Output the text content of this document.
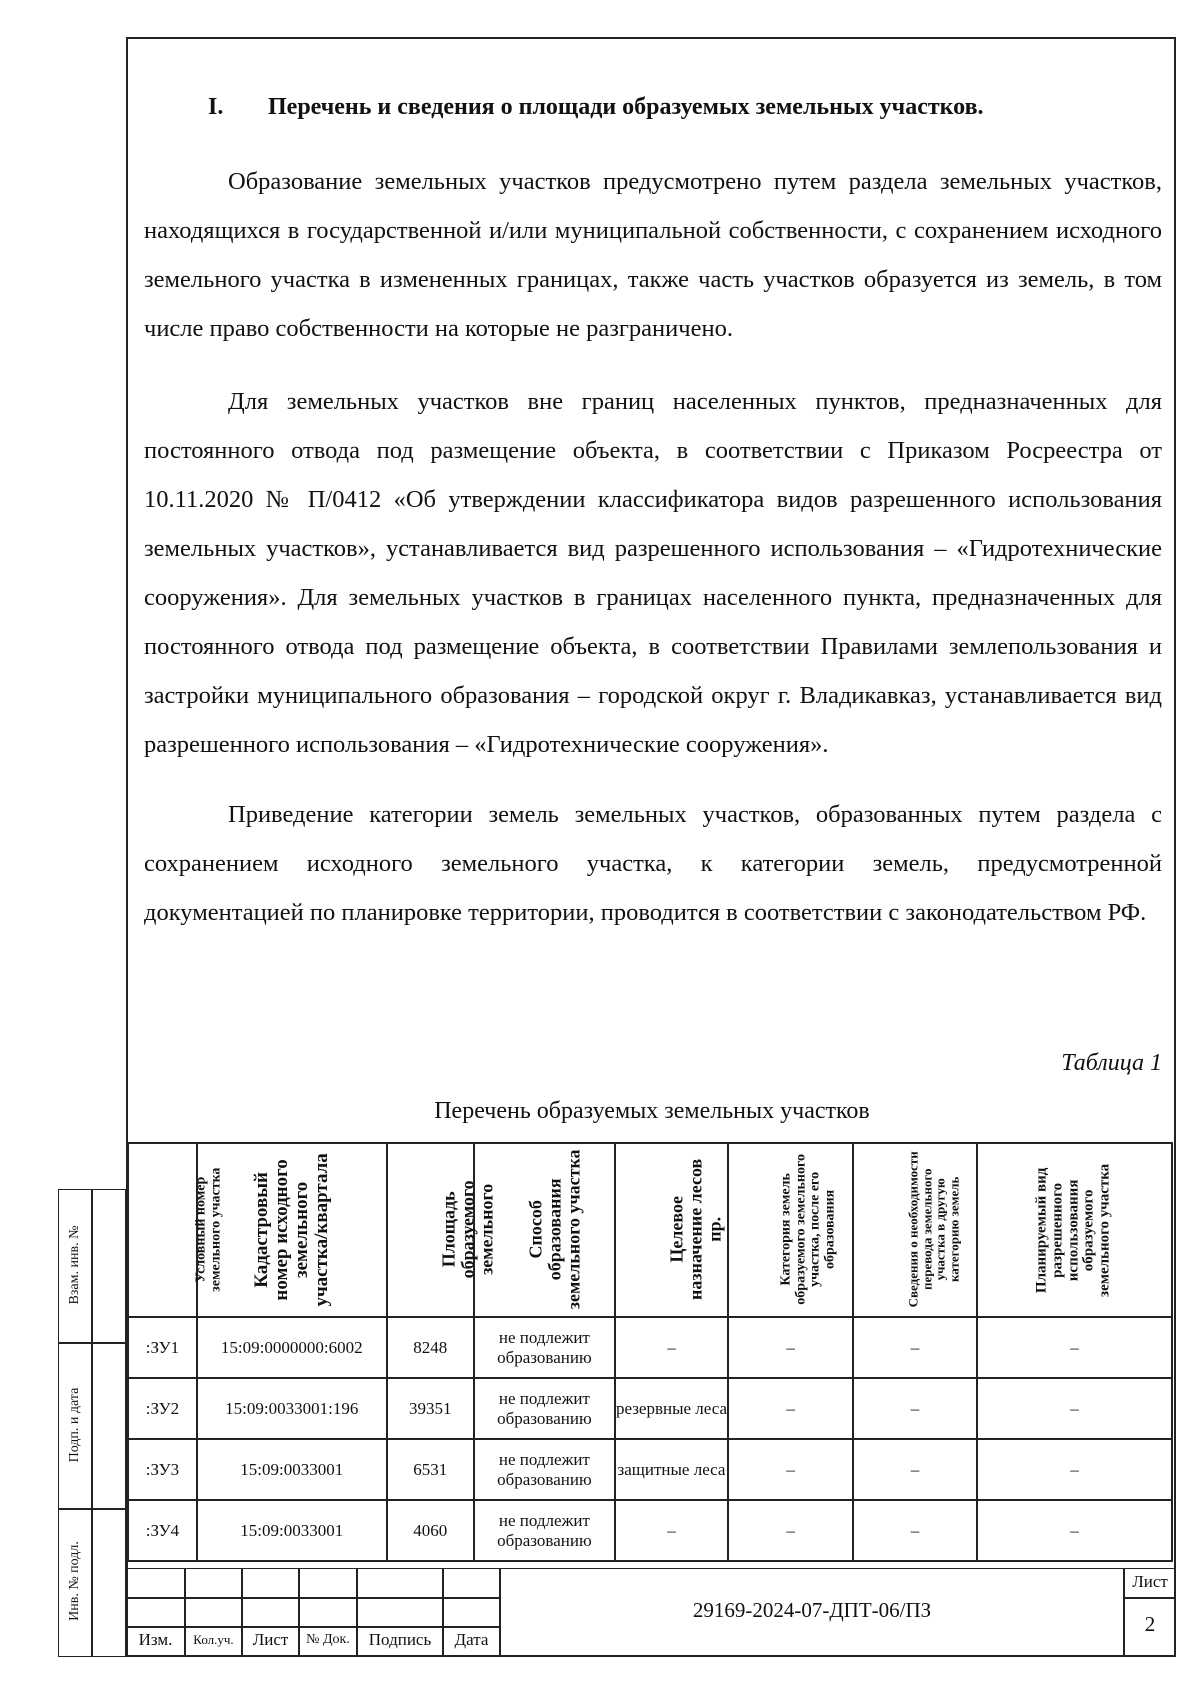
I. Перечень и сведения о площади образуемых земельных участков.

Образование земельных участков предусмотрено путем раздела земельных участков, находящихся в государственной и/или муниципальной собственности, с сохранением исходного земельного участка в измененных границах, также часть участков образуется из земель, в том числе право собственности на которые не разграничено.

Для земельных участков вне границ населенных пунктов, предназначенных для постоянного отвода под размещение объекта, в соответствии с Приказом Росреестра от 10.11.2020 № П/0412 «Об утверждении классификатора видов разрешенного использования земельных участков», устанавливается вид разрешенного использования – «Гидротехнические сооружения». Для земельных участков в границах населенного пункта, предназначенных для постоянного отвода под размещение объекта, в соответствии Правилами землепользования и застройки муниципального образования – городской округ г. Владикавказ, устанавливается вид разрешенного использования – «Гидротехнические сооружения».

Приведение категории земель земельных участков, образованных путем раздела с сохранением исходного земельного участка, к категории земель, предусмотренной документацией по планировке территории, проводится в соответствии с законодательством РФ.

Таблица 1

Перечень образуемых земельных участков

Условный номер земельного участка	Кадастровый номер исходного земельного участка/квартала	Площадь образуемого земельного	Способ образования земельного участка	Целевое назначение лесов пр.	Категория земель образуемого земельного участка, после его образования	Сведения о необходимости перевода земельного участка в другую категорию земель	Планируемый вид разрешенного использования образуемого земельного участка
:ЗУ1	15:09:0000000:6002	8248	не подлежит образованию	–	–	–	–
:ЗУ2	15:09:0033001:196	39351	не подлежит образованию	резервные леса	–	–	–
:ЗУ3	15:09:0033001	6531	не подлежит образованию	защитные леса	–	–	–
:ЗУ4	15:09:0033001	4060	не подлежит образованию	–	–	–	–
Взам. инв. №
Подп. и дата
Инв. № подл.
Изм.	Кол.уч.	Лист	№ Док.	Подпись	Дата
29169-2024-07-ДПТ-06/ПЗ
Лист
2
